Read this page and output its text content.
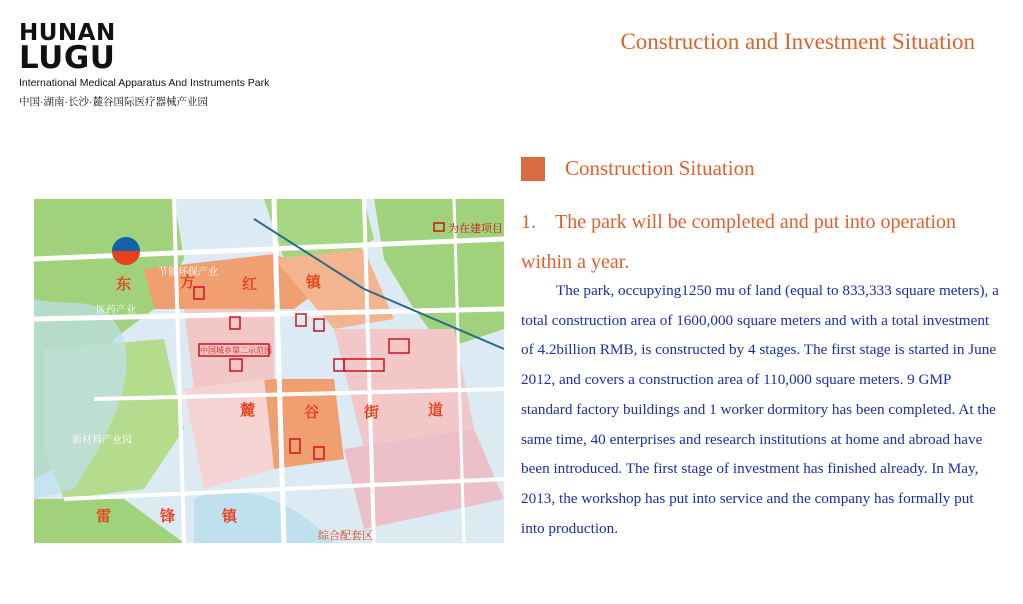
HUNAN
LUGU
International Medical Apparatus And Instruments Park
中国·湖南·长沙·麓谷国际医疗器械产业园
Construction and Investment Situation
为在建项目
东	方	红	镇
麓	谷	街	道
雷	锋	镇
新材料产业园
综合配套区
节能环保产业
医药产业
中国城乡第二示范园
Construction Situation
1. The park will be completed and put into operation within a year.
The park, occupying1250 mu of land (equal to 833,333 square meters), a total construction area of 1600,000 square meters and with a total investment of 4.2billion RMB, is constructed by 4 stages. The first stage is started in June 2012, and covers a construction area of 110,000 square meters. 9 GMP standard factory buildings and 1 worker dormitory has been completed. At the same time, 40 enterprises and research institutions at home and abroad have been introduced. The first stage of investment has finished already. In May, 2013, the workshop has put into service and the company has formally put into production.
